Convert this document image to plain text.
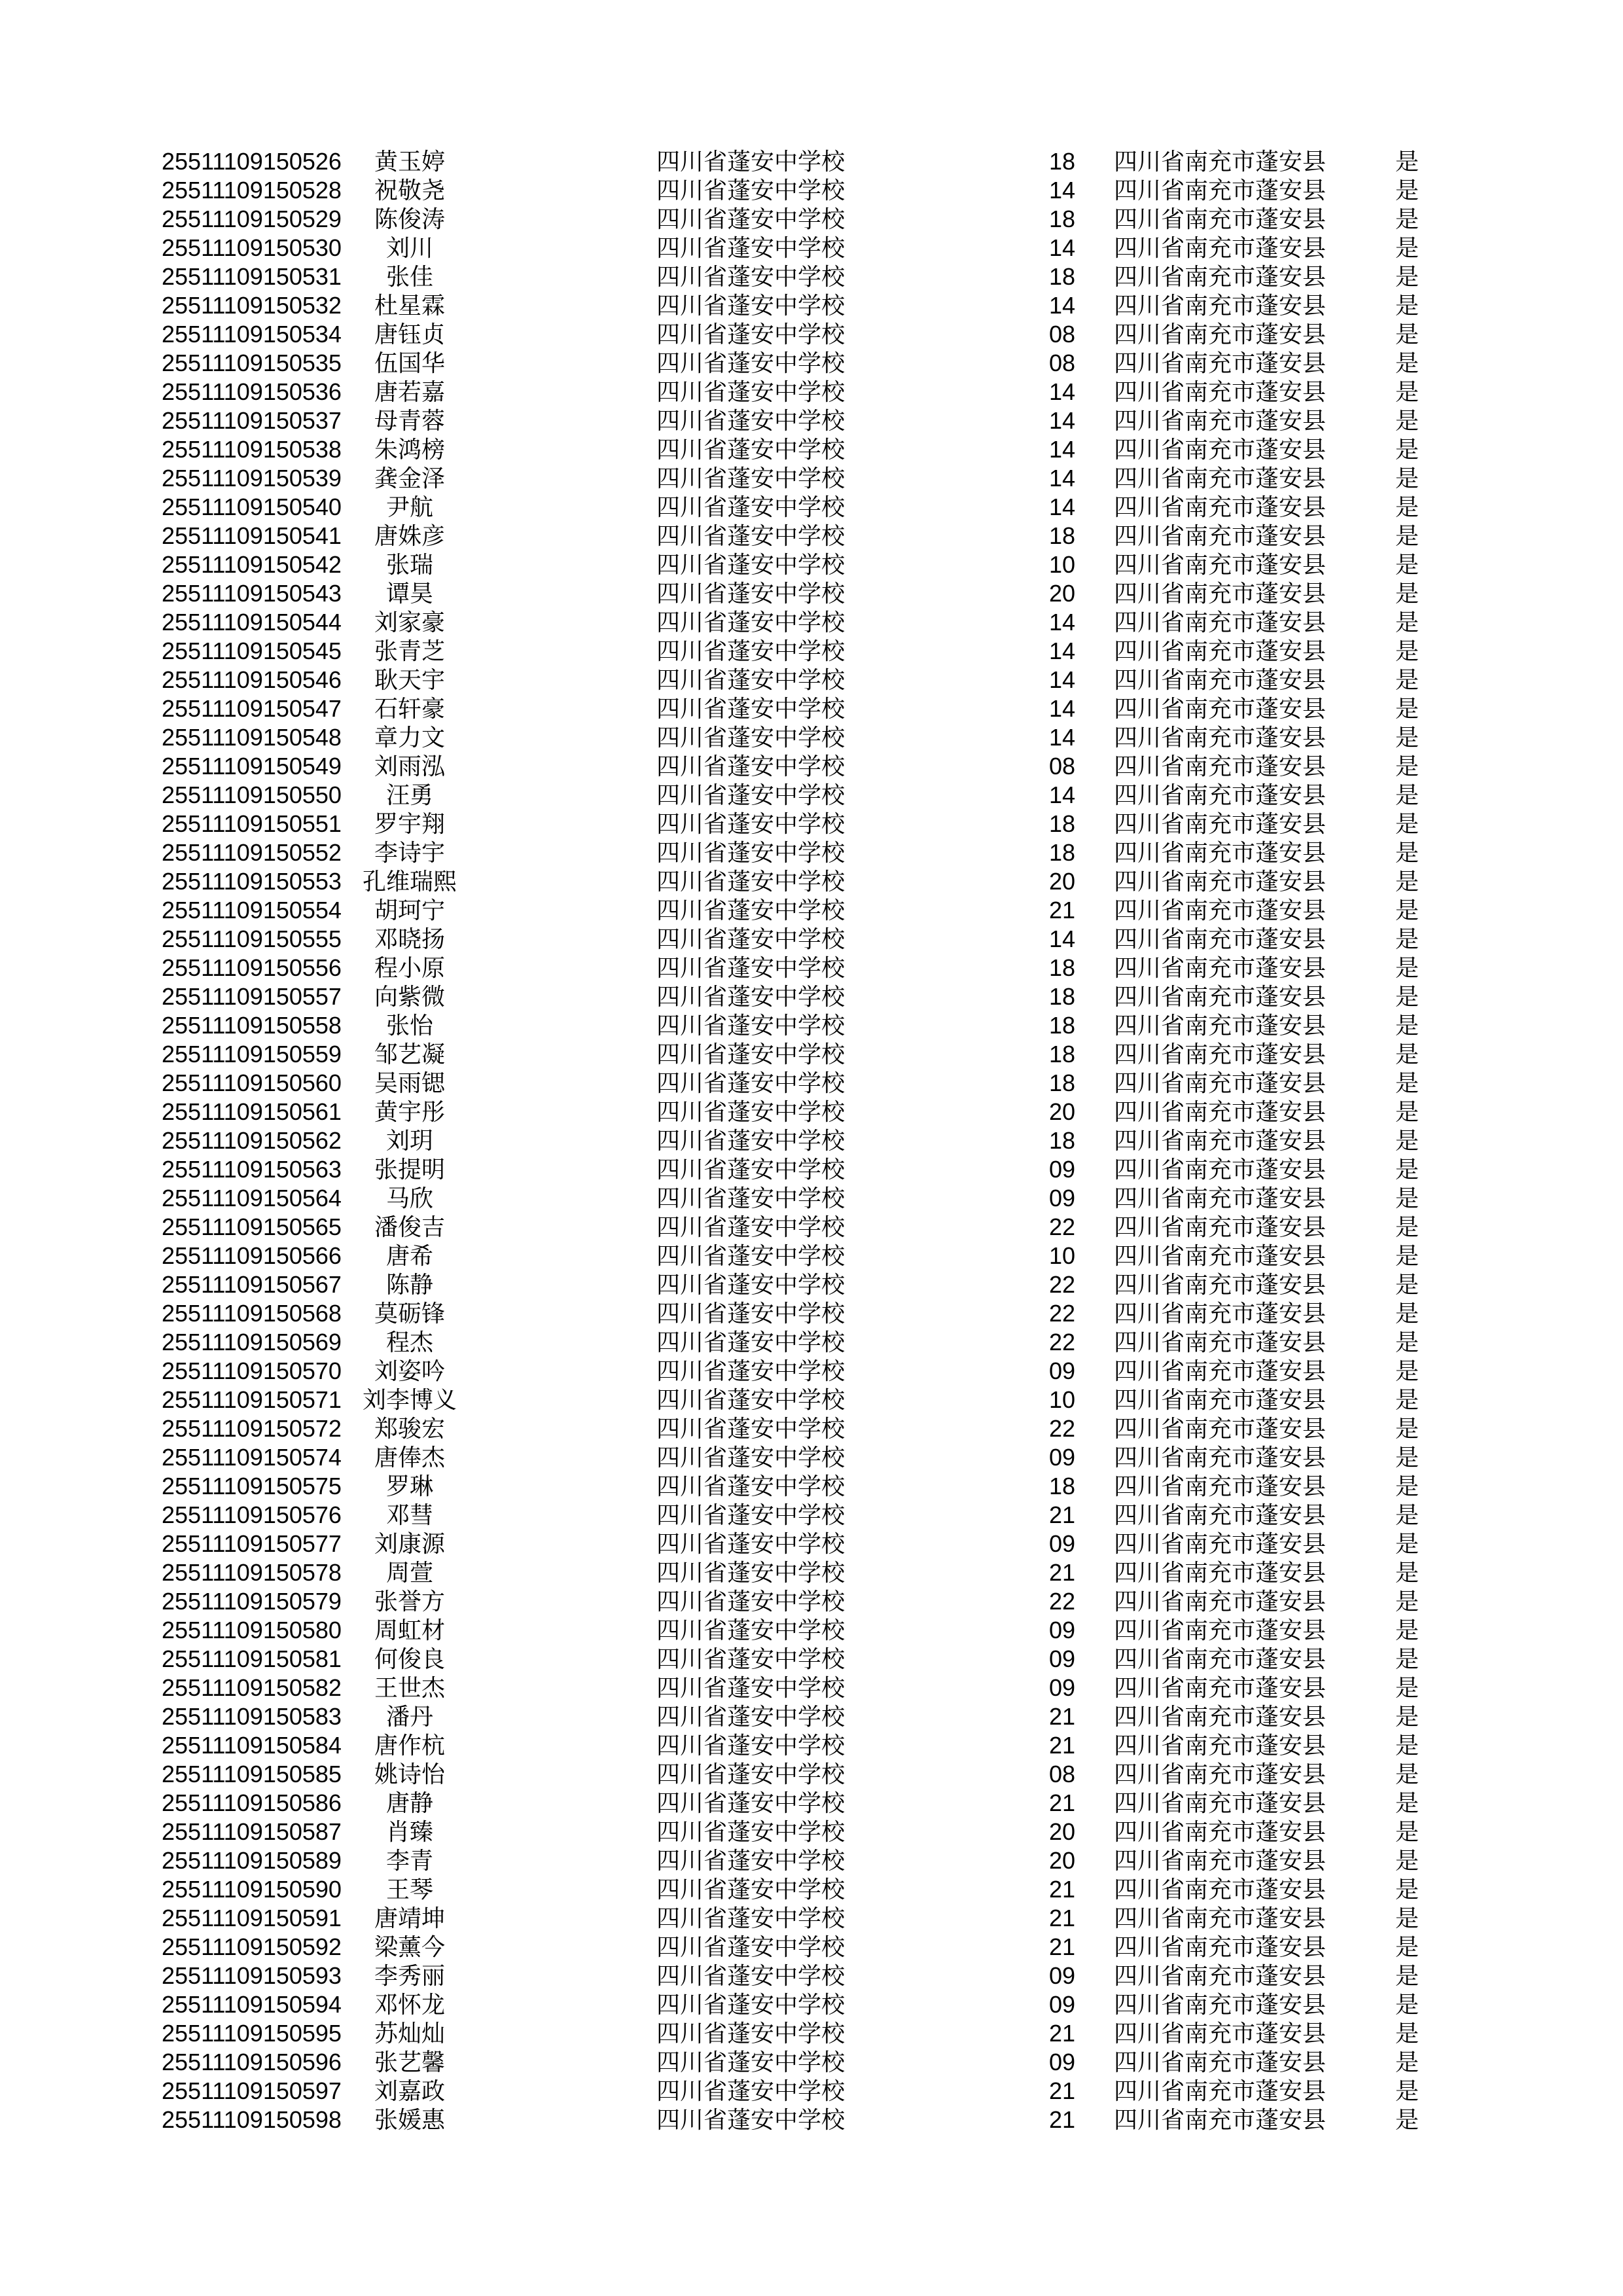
25511109150526	黄玉婷	四川省蓬安中学校	18	四川省南充市蓬安县	是
25511109150528	祝敬尧	四川省蓬安中学校	14	四川省南充市蓬安县	是
25511109150529	陈俊涛	四川省蓬安中学校	18	四川省南充市蓬安县	是
25511109150530	刘川	四川省蓬安中学校	14	四川省南充市蓬安县	是
25511109150531	张佳	四川省蓬安中学校	18	四川省南充市蓬安县	是
25511109150532	杜星霖	四川省蓬安中学校	14	四川省南充市蓬安县	是
25511109150534	唐钰贞	四川省蓬安中学校	08	四川省南充市蓬安县	是
25511109150535	伍国华	四川省蓬安中学校	08	四川省南充市蓬安县	是
25511109150536	唐若嘉	四川省蓬安中学校	14	四川省南充市蓬安县	是
25511109150537	母青蓉	四川省蓬安中学校	14	四川省南充市蓬安县	是
25511109150538	朱鸿榜	四川省蓬安中学校	14	四川省南充市蓬安县	是
25511109150539	龚金泽	四川省蓬安中学校	14	四川省南充市蓬安县	是
25511109150540	尹航	四川省蓬安中学校	14	四川省南充市蓬安县	是
25511109150541	唐姝彦	四川省蓬安中学校	18	四川省南充市蓬安县	是
25511109150542	张瑞	四川省蓬安中学校	10	四川省南充市蓬安县	是
25511109150543	谭昊	四川省蓬安中学校	20	四川省南充市蓬安县	是
25511109150544	刘家豪	四川省蓬安中学校	14	四川省南充市蓬安县	是
25511109150545	张青芝	四川省蓬安中学校	14	四川省南充市蓬安县	是
25511109150546	耿天宇	四川省蓬安中学校	14	四川省南充市蓬安县	是
25511109150547	石轩豪	四川省蓬安中学校	14	四川省南充市蓬安县	是
25511109150548	章力文	四川省蓬安中学校	14	四川省南充市蓬安县	是
25511109150549	刘雨泓	四川省蓬安中学校	08	四川省南充市蓬安县	是
25511109150550	汪勇	四川省蓬安中学校	14	四川省南充市蓬安县	是
25511109150551	罗宇翔	四川省蓬安中学校	18	四川省南充市蓬安县	是
25511109150552	李诗宇	四川省蓬安中学校	18	四川省南充市蓬安县	是
25511109150553 孔维瑞熙	四川省蓬安中学校	20	四川省南充市蓬安县	是
25511109150554	胡珂宁	四川省蓬安中学校	21	四川省南充市蓬安县	是
25511109150555	邓晓扬	四川省蓬安中学校	14	四川省南充市蓬安县	是
25511109150556	程小原	四川省蓬安中学校	18	四川省南充市蓬安县	是
25511109150557	向紫微	四川省蓬安中学校	18	四川省南充市蓬安县	是
25511109150558	张怡	四川省蓬安中学校	18	四川省南充市蓬安县	是
25511109150559	邹艺凝	四川省蓬安中学校	18	四川省南充市蓬安县	是
25511109150560	吴雨锶	四川省蓬安中学校	18	四川省南充市蓬安县	是
25511109150561	黄宇彤	四川省蓬安中学校	20	四川省南充市蓬安县	是
25511109150562	刘玥	四川省蓬安中学校	18	四川省南充市蓬安县	是
25511109150563	张提明	四川省蓬安中学校	09	四川省南充市蓬安县	是
25511109150564	马欣	四川省蓬安中学校	09	四川省南充市蓬安县	是
25511109150565	潘俊吉	四川省蓬安中学校	22	四川省南充市蓬安县	是
25511109150566	唐希	四川省蓬安中学校	10	四川省南充市蓬安县	是
25511109150567	陈静	四川省蓬安中学校	22	四川省南充市蓬安县	是
25511109150568	莫砺锋	四川省蓬安中学校	22	四川省南充市蓬安县	是
25511109150569	程杰	四川省蓬安中学校	22	四川省南充市蓬安县	是
25511109150570	刘姿吟	四川省蓬安中学校	09	四川省南充市蓬安县	是
25511109150571 刘李博义	四川省蓬安中学校	10	四川省南充市蓬安县	是
25511109150572	郑骏宏	四川省蓬安中学校	22	四川省南充市蓬安县	是
25511109150574	唐俸杰	四川省蓬安中学校	09	四川省南充市蓬安县	是
25511109150575	罗琳	四川省蓬安中学校	18	四川省南充市蓬安县	是
25511109150576	邓彗	四川省蓬安中学校	21	四川省南充市蓬安县	是
25511109150577	刘康源	四川省蓬安中学校	09	四川省南充市蓬安县	是
25511109150578	周萱	四川省蓬安中学校	21	四川省南充市蓬安县	是
25511109150579	张誉方	四川省蓬安中学校	22	四川省南充市蓬安县	是
25511109150580	周虹材	四川省蓬安中学校	09	四川省南充市蓬安县	是
25511109150581	何俊良	四川省蓬安中学校	09	四川省南充市蓬安县	是
25511109150582	王世杰	四川省蓬安中学校	09	四川省南充市蓬安县	是
25511109150583	潘丹	四川省蓬安中学校	21	四川省南充市蓬安县	是
25511109150584	唐作杭	四川省蓬安中学校	21	四川省南充市蓬安县	是
25511109150585	姚诗怡	四川省蓬安中学校	08	四川省南充市蓬安县	是
25511109150586	唐静	四川省蓬安中学校	21	四川省南充市蓬安县	是
25511109150587	肖臻	四川省蓬安中学校	20	四川省南充市蓬安县	是
25511109150589	李青	四川省蓬安中学校	20	四川省南充市蓬安县	是
25511109150590	王琴	四川省蓬安中学校	21	四川省南充市蓬安县	是
25511109150591	唐靖坤	四川省蓬安中学校	21	四川省南充市蓬安县	是
25511109150592	梁薰今	四川省蓬安中学校	21	四川省南充市蓬安县	是
25511109150593	李秀丽	四川省蓬安中学校	09	四川省南充市蓬安县	是
25511109150594	邓怀龙	四川省蓬安中学校	09	四川省南充市蓬安县	是
25511109150595	苏灿灿	四川省蓬安中学校	21	四川省南充市蓬安县	是
25511109150596	张艺馨	四川省蓬安中学校	09	四川省南充市蓬安县	是
25511109150597	刘嘉政	四川省蓬安中学校	21	四川省南充市蓬安县	是
25511109150598	张媛惠	四川省蓬安中学校	21	四川省南充市蓬安县	是
